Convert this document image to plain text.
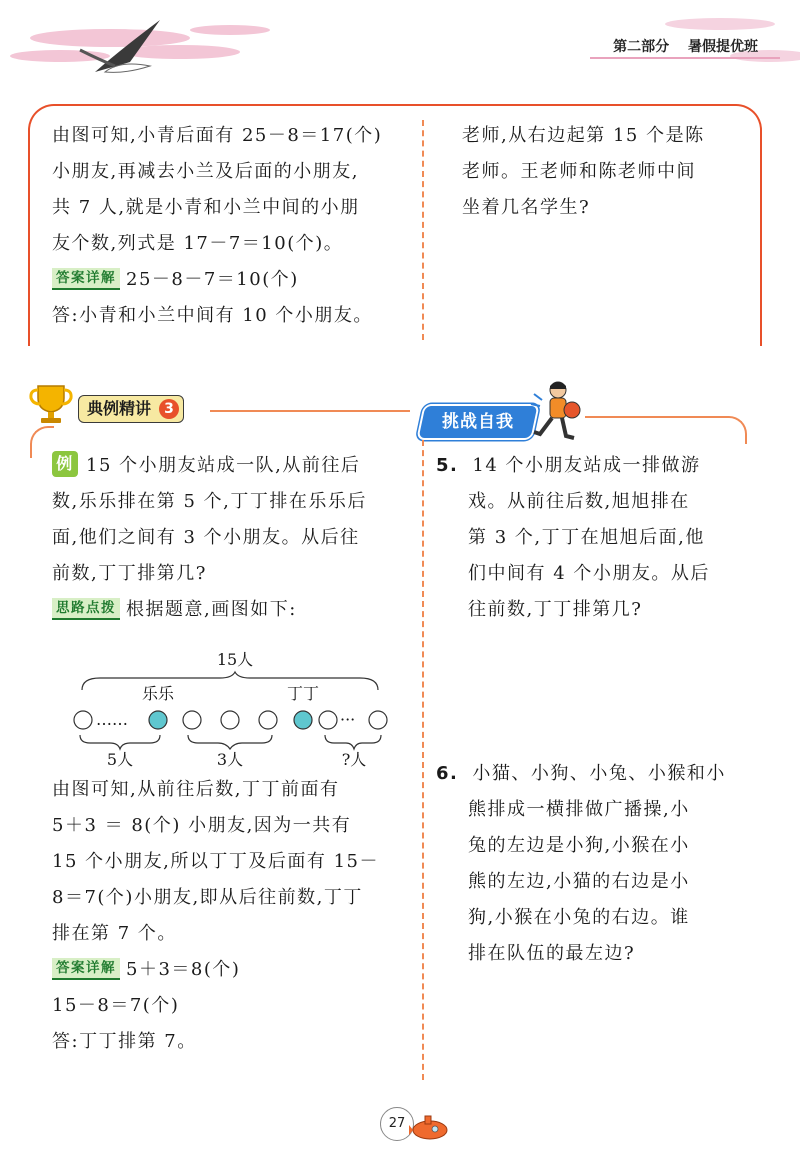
第二部分 暑假提优班
由图可知,小青后面有 25－8＝17(个)
小朋友,再减去小兰及后面的小朋友,
共 7 人,就是小青和小兰中间的小朋
友个数,列式是 17－7＝10(个)。
答案详解 25－8－7＝10(个)
答:小青和小兰中间有 10 个小朋友。
老师,从右边起第 15 个是陈
老师。王老师和陈老师中间
坐着几名学生?
典例精讲 3
挑战自我
例 15 个小朋友站成一队,从前往后
数,乐乐排在第 5 个,丁丁排在乐乐后
面,他们之间有 3 个小朋友。从后往
前数,丁丁排第几?
思路点拨 根据题意,画图如下:
15人
乐乐	丁丁
……	···
5人	3人	?人
由图可知,从前往后数,丁丁前面有
5＋3 ＝ 8(个) 小朋友,因为一共有
15 个小朋友,所以丁丁及后面有 15－
8＝7(个)小朋友,即从后往前数,丁丁
排在第 7 个。
答案详解 5＋3＝8(个)
15－8＝7(个)
答:丁丁排第 7。
5. 14 个小朋友站成一排做游
戏。从前往后数,旭旭排在
第 3 个,丁丁在旭旭后面,他
们中间有 4 个小朋友。从后
往前数,丁丁排第几?
6. 小猫、小狗、小兔、小猴和小
熊排成一横排做广播操,小
兔的左边是小狗,小猴在小
熊的左边,小猫的右边是小
狗,小猴在小兔的右边。谁
排在队伍的最左边?
27
